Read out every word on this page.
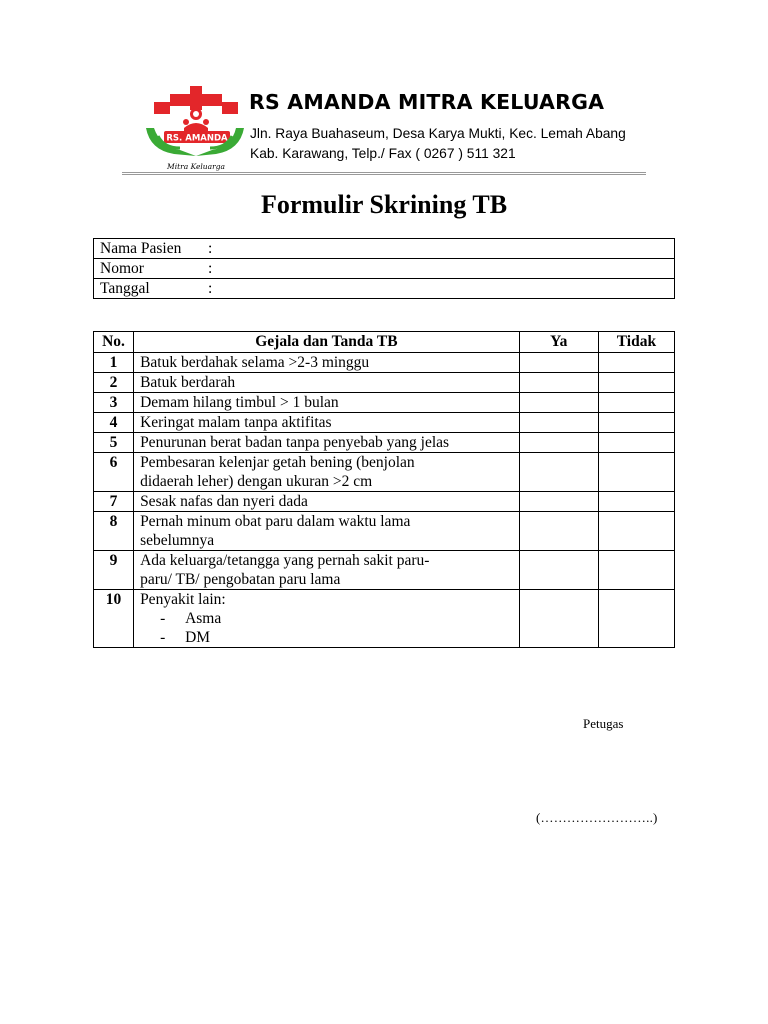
RS. AMANDA
Mitra Keluarga
RS AMANDA MITRA KELUARGA
Jln. Raya Buahaseum, Desa Karya Mukti, Kec. Lemah Abang
Kab. Karawang, Telp./ Fax ( 0267 ) 511 321
Formulir Skrining TB
Nama Pasien :
Nomor	:
Tanggal	:
No.	Gejala dan Tanda TB	Ya	Tidak
1	Batuk berdahak selama >2-3 minggu		
2	Batuk berdarah		
3	Demam hilang timbul > 1 bulan		
4	Keringat malam tanpa aktifitas		
5	Penurunan berat badan tanpa penyebab yang jelas		
6	Pembesaran kelenjar getah bening (benjolan
didaerah leher) dengan ukuran >2 cm		
7	Sesak nafas dan nyeri dada		
8	Pernah minum obat paru dalam waktu lama
sebelumnya		
9	Ada keluarga/tetangga yang pernah sakit paru-
paru/ TB/ pengobatan paru lama		
10	Penyakit lain:
- Asma
- DM		

Petugas
(……………………..)
